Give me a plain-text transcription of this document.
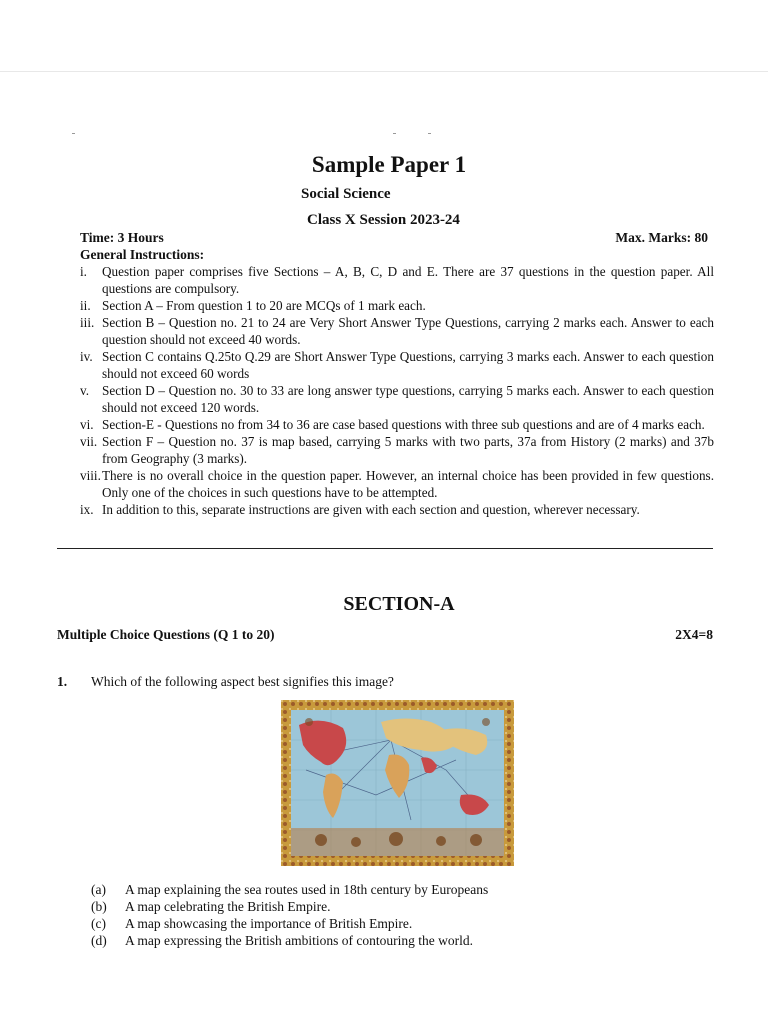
Sample Paper 1
Social Science
Class X Session 2023-24
Time: 3 Hours	Max. Marks: 80
General Instructions:
i.	Question paper comprises five Sections – A, B, C, D and E. There are 37 questions in the question paper. All questions are compulsory.
ii. Section A – From question 1 to 20 are MCQs of 1 mark each.
iii. Section B – Question no. 21 to 24 are Very Short Answer Type Questions, carrying 2 marks each. Answer to each question should not exceed 40 words.
iv. Section C contains Q.25to Q.29 are Short Answer Type Questions, carrying 3 marks each. Answer to each question should not exceed 60 words
v. Section D – Question no. 30 to 33 are long answer type questions, carrying 5 marks each. Answer to each question should not exceed 120 words.
vi. Section-E - Questions no from 34 to 36 are case based questions with three sub questions and are of 4 marks each.
vii. Section F – Question no. 37 is map based, carrying 5 marks with two parts, 37a from History (2 marks) and 37b from Geography (3 marks).
viii. There is no overall choice in the question paper. However, an internal choice has been provided in few questions. Only one of the choices in such questions have to be attempted.
ix. In addition to this, separate instructions are given with each section and question, wherever necessary.
SECTION-A
Multiple Choice Questions (Q 1 to 20)	2X4=8
1.	Which of the following aspect best signifies this image?
(a)	A map explaining the sea routes used in 18th century by Europeans
(b)	A map celebrating the British Empire.
(c)	A map showcasing the importance of British Empire.
(d)	A map expressing the British ambitions of contouring the world.
